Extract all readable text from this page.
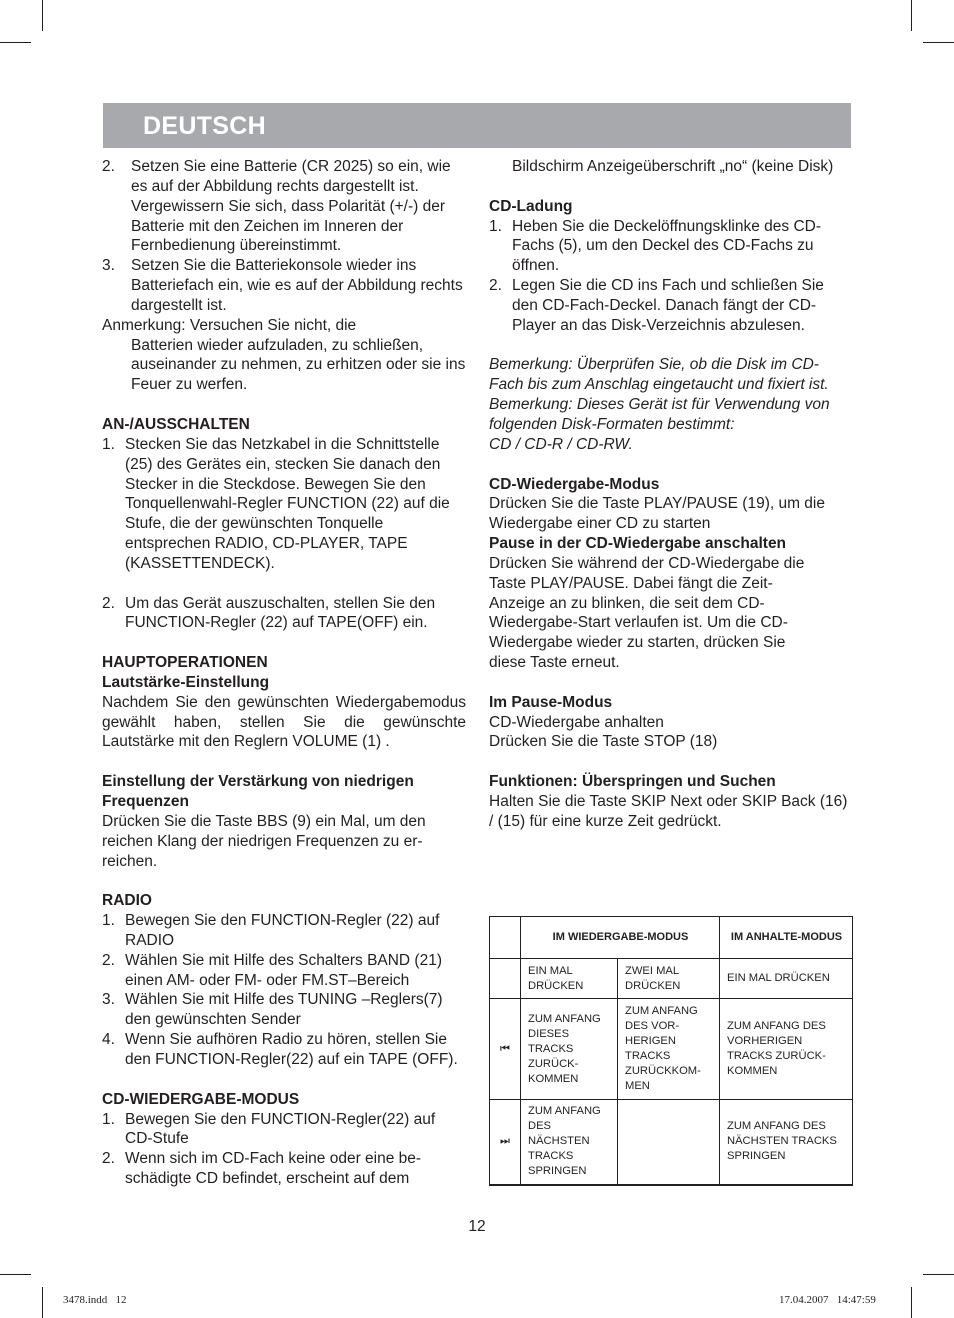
DEUTSCH
2. Setzen Sie eine Batterie (CR 2025) so ein, wie es auf der Abbildung rechts dargestellt ist. Vergewissern Sie sich, dass Polarität (+/-) der Batterie mit den Zeichen im Inneren der Fernbedienung übereinstimmt.
3. Setzen Sie die Batteriekonsole wieder ins Batteriefach ein, wie es auf der Abbildung rechts dargestellt ist.
Anmerkung: Versuchen Sie nicht, die
Batterien wieder aufzuladen, zu schließen, auseinander zu nehmen, zu erhitzen oder sie ins Feuer zu werfen.

AN-/AUSSCHALTEN

1. Stecken Sie das Netzkabel in die Schnittstelle (25) des Gerätes ein, stecken Sie danach den Stecker in die Steckdose. Bewegen Sie den Tonquellenwahl-Regler FUNCTION (22) auf die Stufe, die der gewünschten Tonquelle entsprechen RADIO, CD-PLAYER, TAPE (KASSETTENDECK).
2. Um das Gerät auszuschalten, stellen Sie den FUNCTION-Regler (22) auf TAPE(OFF) ein.

HAUPTOPERATIONEN

Lautstärke-Einstellung

Nachdem Sie den gewünschten Wiedergabemodus gewählt haben, stellen Sie die gewünschte Lautstärke mit den Reglern VOLUME (1) .

Einstellung der Verstärkung von niedrigen Frequenzen

Drücken Sie die Taste BBS (9) ein Mal, um den reichen Klang der niedrigen Frequenzen zu erreichen.

RADIO

1. Bewegen Sie den FUNCTION-Regler (22) auf RADIO
2. Wählen Sie mit Hilfe des Schalters BAND (21) einen AM- oder FM- oder FM.ST–Bereich
3. Wählen Sie mit Hilfe des TUNING –Reglers(7) den gewünschten Sender
4. Wenn Sie aufhören Radio zu hören, stellen Sie den FUNCTION-Regler(22) auf ein TAPE (OFF).

CD-WIEDERGABE-MODUS

1. Bewegen Sie den FUNCTION-Regler(22) auf CD-Stufe
2. Wenn sich im CD-Fach keine oder eine beschädigte CD befindet, erscheint auf dem

Bildschirm Anzeigeüberschrift „no“ (keine Disk)

CD-Ladung

1. Heben Sie die Deckelöffnungsklinke des CD-Fachs (5), um den Deckel des CD-Fachs zu öffnen.
2. Legen Sie die CD ins Fach und schließen Sie den CD-Fach-Deckel. Danach fängt der CD-Player an das Disk-Verzeichnis abzulesen.

Bemerkung: Überprüfen Sie, ob die Disk im CD-Fach bis zum Anschlag eingetaucht und fixiert ist.

Bemerkung: Dieses Gerät ist für Verwendung von folgenden Disk-Formaten bestimmt:

CD / CD-R / CD-RW.

CD-Wiedergabe-Modus

Drücken Sie die Taste PLAY/PAUSE (19), um die Wiedergabe einer CD zu starten

Pause in der CD-Wiedergabe anschalten

Drücken Sie während der CD-Wiedergabe die Taste PLAY/PAUSE. Dabei fängt die Zeit-Anzeige an zu blinken, die seit dem CD-Wiedergabe-Start verlaufen ist. Um die CD-Wiedergabe wieder zu starten, drücken Sie diese Taste erneut.

Im Pause-Modus

CD-Wiedergabe anhalten

Drücken Sie die Taste STOP (18)

Funktionen: Überspringen und Suchen

Halten Sie die Taste SKIP Next oder SKIP Back (16) / (15) für eine kurze Zeit gedrückt.

	IM WIEDERGABE-MODUS		IM ANHALTE-MODUS
	EIN MAL DRÜCKEN	ZWEI MAL DRÜCKEN	EIN MAL DRÜCKEN
⏮	ZUM ANFANG DIESES TRACKS ZURÜCKKOMMEN	ZUM ANFANG DES VORHERIGEN TRACKS ZURÜCKKOMMEN	ZUM ANFANG DES VORHERIGEN TRACKS ZURÜCKKOMMEN
⏭	ZUM ANFANG DES NÄCHSTEN TRACKS SPRINGEN		ZUM ANFANG DES NÄCHSTEN TRACKS SPRINGEN
12
3478.indd   12	17.04.2007   14:47:59
